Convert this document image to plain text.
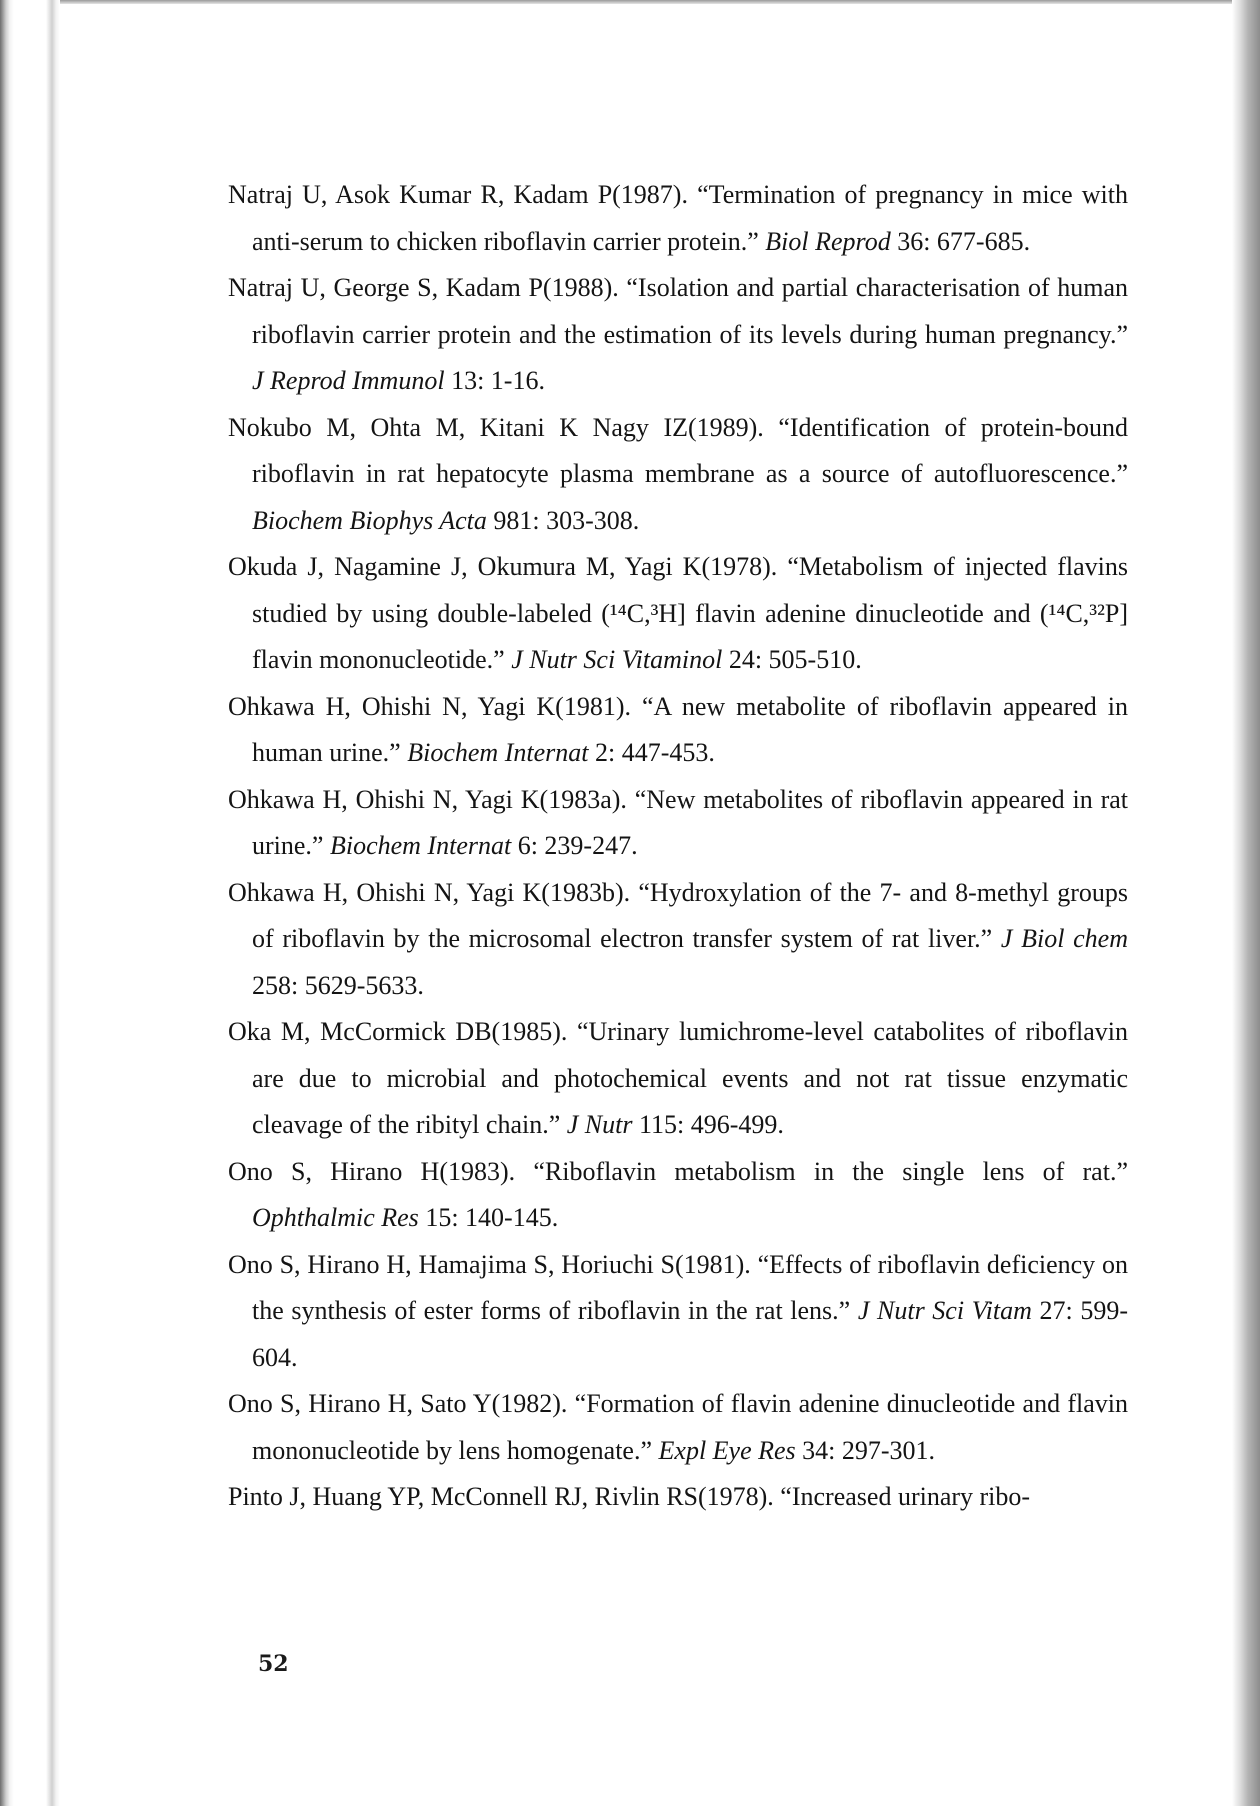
Natraj U, Asok Kumar R, Kadam P(1987). “Termination of pregnancy in mice with anti-serum to chicken riboflavin carrier protein.” Biol Reprod 36: 677-685.
Natraj U, George S, Kadam P(1988). “Isolation and partial characterisation of human riboflavin carrier protein and the estimation of its levels during human pregnancy.” J Reprod Immunol 13: 1-16.
Nokubo M, Ohta M, Kitani K Nagy IZ(1989). “Identification of protein-bound riboflavin in rat hepatocyte plasma membrane as a source of autofluorescence.” Biochem Biophys Acta 981: 303-308.
Okuda J, Nagamine J, Okumura M, Yagi K(1978). “Metabolism of injected flavins studied by using double-labeled (¹⁴C,³H] flavin adenine dinucleotide and (¹⁴C,³²P] flavin mononucleotide.” J Nutr Sci Vitaminol 24: 505-510.
Ohkawa H, Ohishi N, Yagi K(1981). “A new metabolite of riboflavin appeared in human urine.” Biochem Internat 2: 447-453.
Ohkawa H, Ohishi N, Yagi K(1983a). “New metabolites of riboflavin appeared in rat urine.” Biochem Internat 6: 239-247.
Ohkawa H, Ohishi N, Yagi K(1983b). “Hydroxylation of the 7- and 8-methyl groups of riboflavin by the microsomal electron transfer system of rat liver.” J Biol chem 258: 5629-5633.
Oka M, McCormick DB(1985). “Urinary lumichrome-level catabolites of riboflavin are due to microbial and photochemical events and not rat tissue enzymatic cleavage of the ribityl chain.” J Nutr 115: 496-499.
Ono S, Hirano H(1983). “Riboflavin metabolism in the single lens of rat.” Ophthalmic Res 15: 140-145.
Ono S, Hirano H, Hamajima S, Horiuchi S(1981). “Effects of riboflavin deficiency on the synthesis of ester forms of riboflavin in the rat lens.” J Nutr Sci Vitam 27: 599-604.
Ono S, Hirano H, Sato Y(1982). “Formation of flavin adenine dinucleotide and flavin mononucleotide by lens homogenate.” Expl Eye Res 34: 297-301.
Pinto J, Huang YP, McConnell RJ, Rivlin RS(1978). “Increased urinary ribo-
52
